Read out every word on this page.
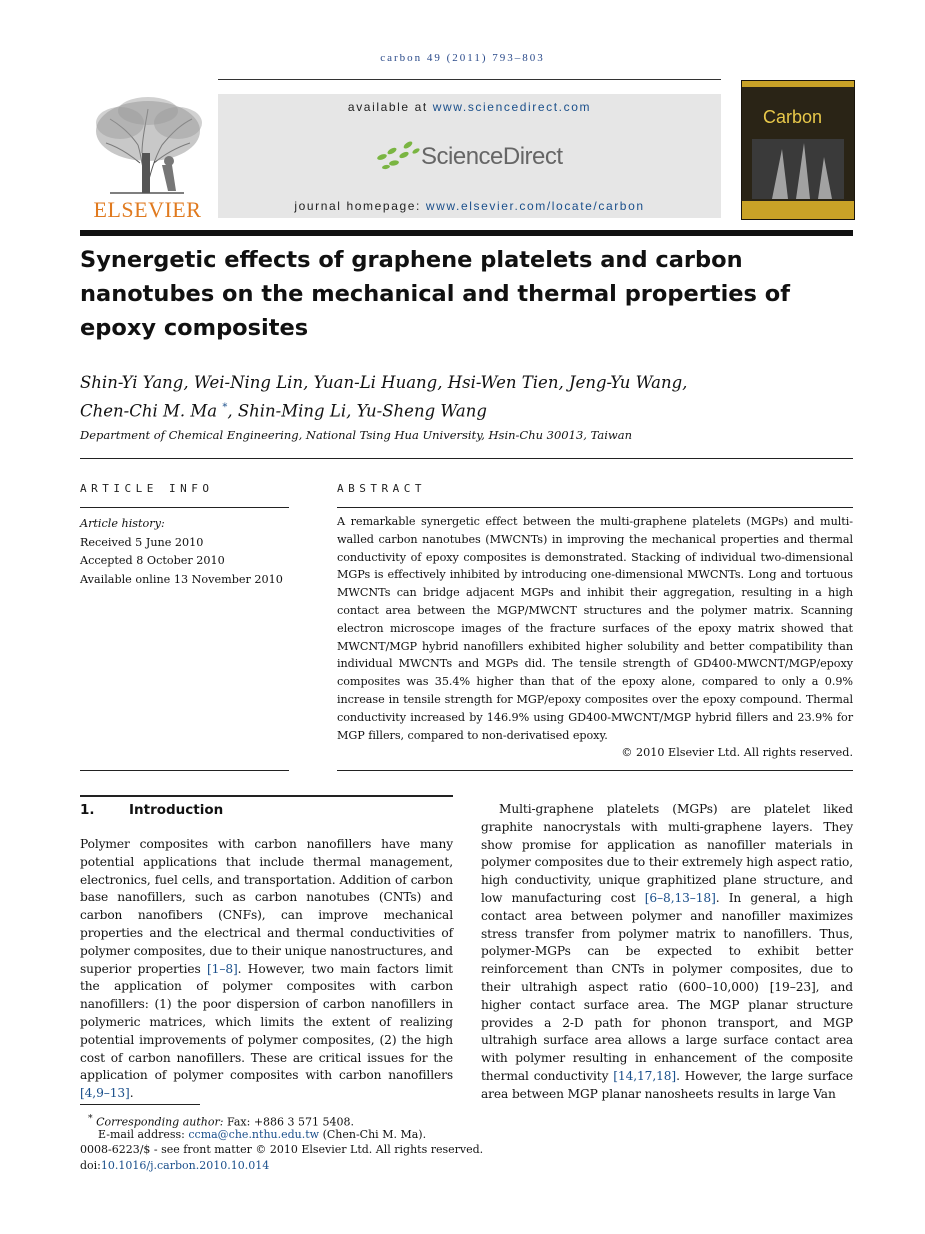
carbon 49 (2011) 793–803
ELSEVIER
available at www.sciencedirect.com
ScienceDirect
journal homepage: www.elsevier.com/locate/carbon
Carbon
Synergetic effects of graphene platelets and carbon nanotubes on the mechanical and thermal properties of epoxy composites
Shin-Yi Yang, Wei-Ning Lin, Yuan-Li Huang, Hsi-Wen Tien, Jeng-Yu Wang,
Chen-Chi M. Ma *, Shin-Ming Li, Yu-Sheng Wang
Department of Chemical Engineering, National Tsing Hua University, Hsin-Chu 30013, Taiwan
ARTICLE INFO
Article history:
Received 5 June 2010
Accepted 8 October 2010
Available online 13 November 2010
ABSTRACT
A remarkable synergetic effect between the multi-graphene platelets (MGPs) and multi-walled carbon nanotubes (MWCNTs) in improving the mechanical properties and thermal conductivity of epoxy composites is demonstrated. Stacking of individual two-dimensional MGPs is effectively inhibited by introducing one-dimensional MWCNTs. Long and tortuous MWCNTs can bridge adjacent MGPs and inhibit their aggregation, resulting in a high contact area between the MGP/MWCNT structures and the polymer matrix. Scanning electron microscope images of the fracture surfaces of the epoxy matrix showed that MWCNT/MGP hybrid nanofillers exhibited higher solubility and better compatibility than individual MWCNTs and MGPs did. The tensile strength of GD400-MWCNT/MGP/epoxy composites was 35.4% higher than that of the epoxy alone, compared to only a 0.9% increase in tensile strength for MGP/epoxy composites over the epoxy compound. Thermal conductivity increased by 146.9% using GD400-MWCNT/MGP hybrid fillers and 23.9% for MGP fillers, compared to non-derivatised epoxy.
© 2010 Elsevier Ltd. All rights reserved.
1.	Introduction
Polymer composites with carbon nanofillers have many potential applications that include thermal management, electronics, fuel cells, and transportation. Addition of carbon base nanofillers, such as carbon nanotubes (CNTs) and carbon nanofibers (CNFs), can improve mechanical properties and the electrical and thermal conductivities of polymer composites, due to their unique nanostructures, and superior properties [1–8]. However, two main factors limit the application of polymer composites with carbon nanofillers: (1) the poor dispersion of carbon nanofillers in polymeric matrices, which limits the extent of realizing potential improvements of polymer composites, (2) the high cost of carbon nanofillers. These are critical issues for the application of polymer composites with carbon nanofillers [4,9–13].
Multi-graphene platelets (MGPs) are platelet liked graphite nanocrystals with multi-graphene layers. They show promise for application as nanofiller materials in polymer composites due to their extremely high aspect ratio, high conductivity, unique graphitized plane structure, and low manufacturing cost [6–8,13–18]. In general, a high contact area between polymer and nanofiller maximizes stress transfer from polymer matrix to nanofillers. Thus, polymer-MGPs can be expected to exhibit better reinforcement than CNTs in polymer composites, due to their ultrahigh aspect ratio (600–10,000) [19–23], and higher contact surface area. The MGP planar structure provides a 2-D path for phonon transport, and MGP ultrahigh surface area allows a large surface contact area with polymer resulting in enhancement of the composite thermal conductivity [14,17,18]. However, the large surface area between MGP planar nanosheets results in large Van
* Corresponding author: Fax: +886 3 571 5408.
E-mail address: ccma@che.nthu.edu.tw (Chen-Chi M. Ma).
0008-6223/$ - see front matter © 2010 Elsevier Ltd. All rights reserved.
doi:10.1016/j.carbon.2010.10.014
